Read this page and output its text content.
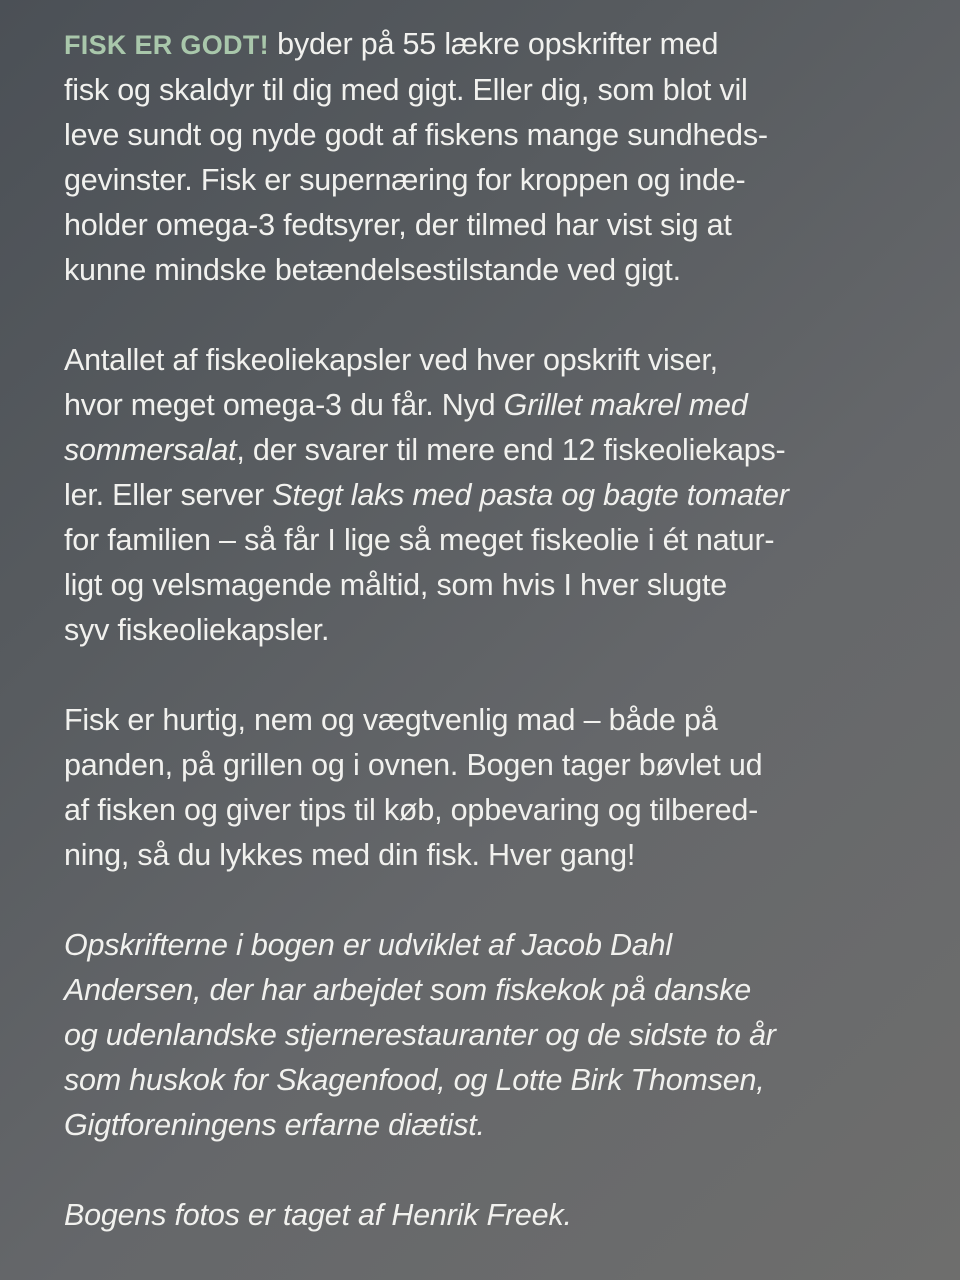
FISK ER GODT! byder på 55 lækre opskrifter med
fisk og skaldyr til dig med gigt. Eller dig, som blot vil
leve sundt og nyde godt af fiskens mange sundheds-
gevinster. Fisk er supernæring for kroppen og inde-
holder omega-3 fedtsyrer, der tilmed har vist sig at
kunne mindske betændelsestilstande ved gigt.
Antallet af fiskeoliekapsler ved hver opskrift viser,
hvor meget omega-3 du får. Nyd Grillet makrel med
sommersalat, der svarer til mere end 12 fiskeoliekaps-
ler. Eller server Stegt laks med pasta og bagte tomater
for familien – så får I lige så meget fiskeolie i ét natur-
ligt og velsmagende måltid, som hvis I hver slugte
syv fiskeoliekapsler.
Fisk er hurtig, nem og vægtvenlig mad – både på
panden, på grillen og i ovnen. Bogen tager bøvlet ud
af fisken og giver tips til køb, opbevaring og tilbered-
ning, så du lykkes med din fisk. Hver gang!
Opskrifterne i bogen er udviklet af Jacob Dahl
Andersen, der har arbejdet som fiskekok på danske
og udenlandske stjernerestauranter og de sidste to år
som huskok for Skagenfood, og Lotte Birk Thomsen,
Gigtforeningens erfarne diætist.
Bogens fotos er taget af Henrik Freek.
